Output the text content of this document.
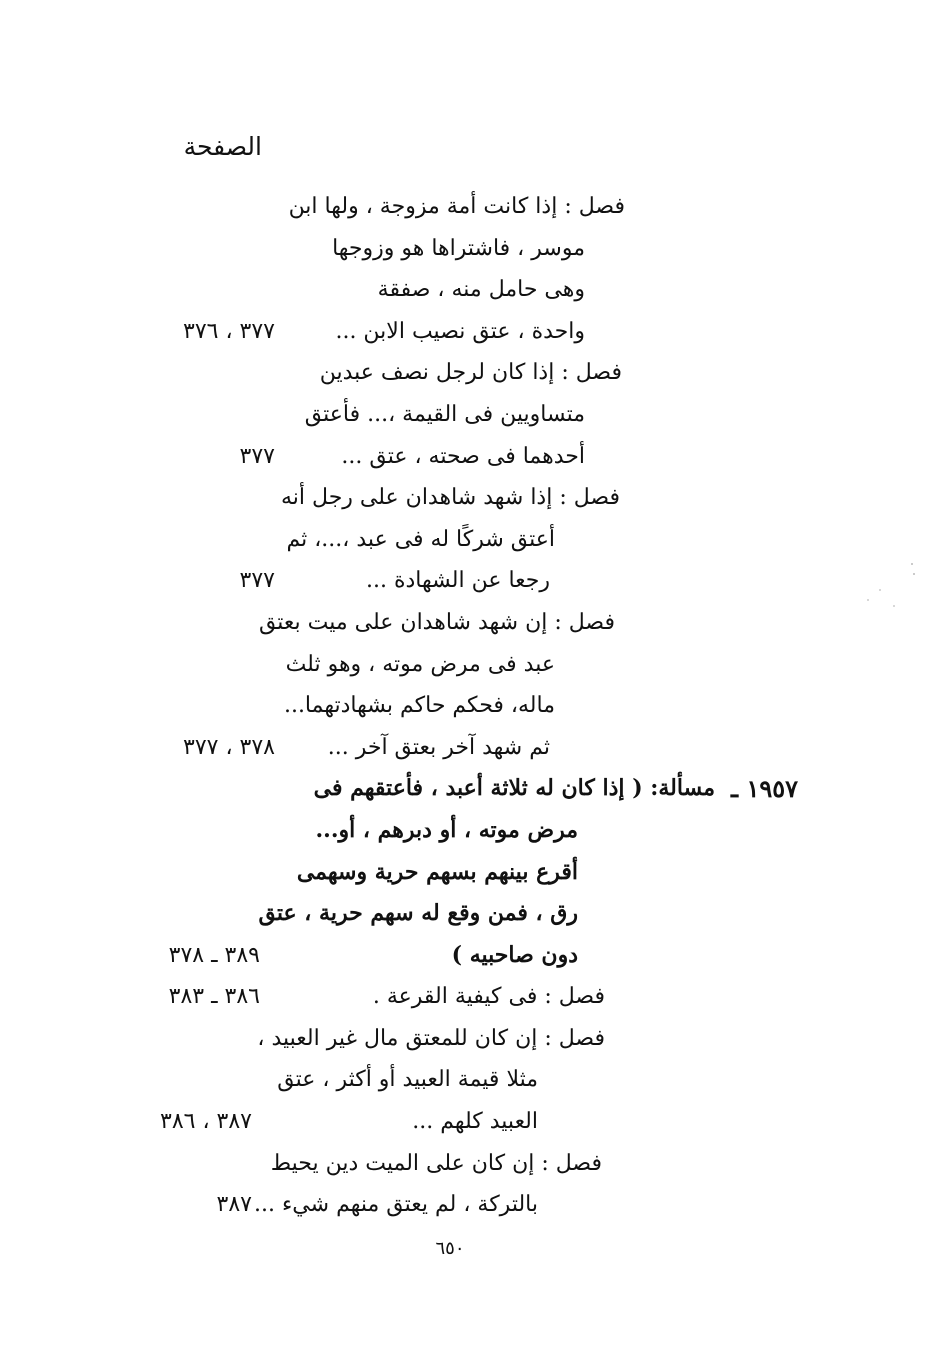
الصفحة
فصل : إذا كانت أمة مزوجة ، ولها ابن
موسر ، فاشتراها هو وزوجها
وهى حامل منه ، صفقة
واحدة ، عتق نصيب الابن ...
٣٧٧ ، ٣٧٦
فصل : إذا كان لرجل نصف عبدين
متساويين فى القيمة ،... فأعتق
أحدهما فى صحته ، عتق ...
٣٧٧
فصل : إذا شهد شاهدان على رجل أنه
أعتق شركًا له فى عبد ،...، ثم
رجعا عن الشهادة ...
٣٧٧
فصل : إن شهد شاهدان على ميت بعتق
عبد فى مرض موته ، وهو ثلث
ماله، فحكم حاكم بشهادتهما...
ثم شهد آخر بعتق آخر ...
٣٧٨ ، ٣٧٧
١٩٥٧ ـ
مسألة: ( إذا كان له ثلاثة أعبد ، فأعتقهم فى
مرض موته ، أو دبرهم ، أو...
أقرع بينهم بسهم حرية وسهمى
رق ، فمن وقع له سهم حرية ، عتق
دون صاحبيه )
٣٨٩ ـ ٣٧٨
فصل : فى كيفية القرعة .
٣٨٦ ـ ٣٨٣
فصل : إن كان للمعتق مال غير العبيد ،
مثلا قيمة العبيد أو أكثر ، عتق
العبيد كلهم ...
٣٨٧ ، ٣٨٦
فصل : إن كان على الميت دين يحيط
بالتركة ، لم يعتق منهم شيء ...
٣٨٧
٦٥٠
